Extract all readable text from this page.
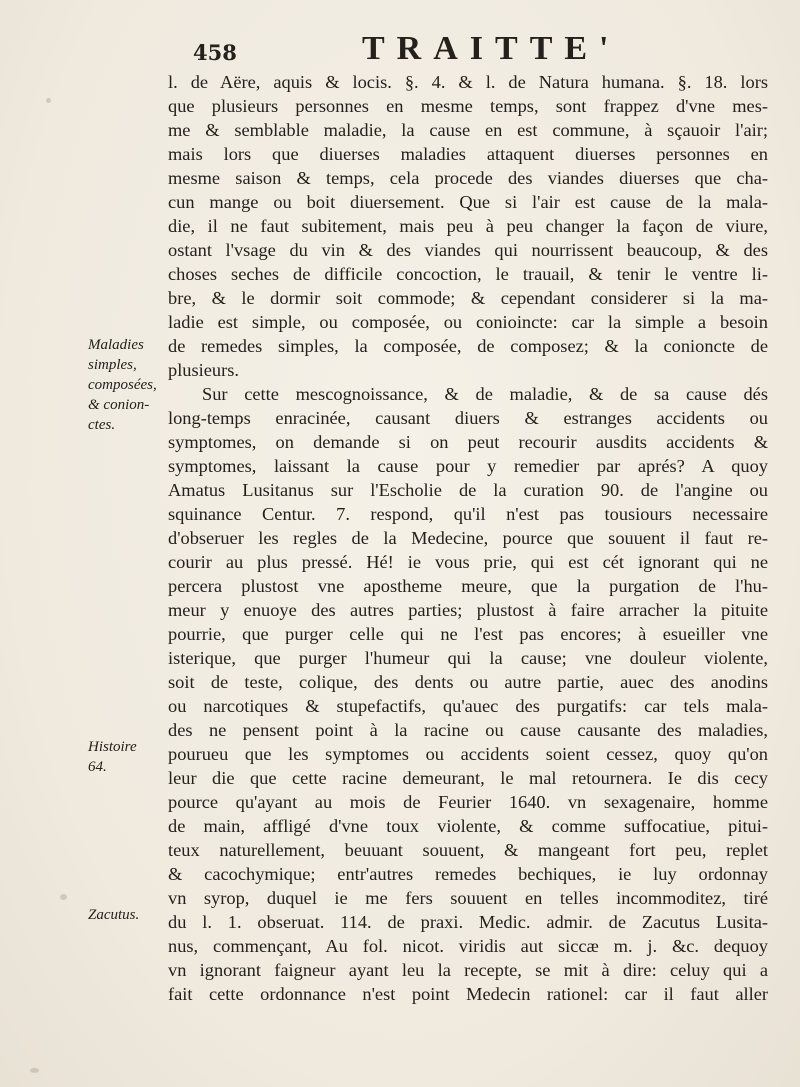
458	TRAITTE'
l. de Aëre, aquis & locis. §. 4. & l. de Natura humana. §. 18. lors
que plusieurs personnes en mesme temps, sont frappez d'vne mes-
me & semblable maladie, la cause en est commune, à sçauoir l'air;
mais lors que diuerses maladies attaquent diuerses personnes en
mesme saison & temps, cela procede des viandes diuerses que cha-
cun mange ou boit diuersement. Que si l'air est cause de la mala-
die, il ne faut subitement, mais peu à peu changer la façon de viure,
ostant l'vsage du vin & des viandes qui nourrissent beaucoup, & des
choses seches de difficile concoction, le trauail, & tenir le ventre li-
bre, & le dormir soit commode; & cependant considerer si la ma-
ladie est simple, ou composée, ou conioincte: car la simple a besoin
de remedes simples, la composée, de composez; & la conioncte de
plusieurs.
Sur cette mescognoissance, & de maladie, & de sa cause dés
long-temps enracinée, causant diuers & estranges accidents ou
symptomes, on demande si on peut recourir ausdits accidents &
symptomes, laissant la cause pour y remedier par aprés? A quoy
Amatus Lusitanus sur l'Escholie de la curation 90. de l'angine ou
squinance Centur. 7. respond, qu'il n'est pas tousiours necessaire
d'obseruer les regles de la Medecine, pource que souuent il faut re-
courir au plus pressé. Hé! ie vous prie, qui est cét ignorant qui ne
percera plustost vne apostheme meure, que la purgation de l'hu-
meur y enuoye des autres parties; plustost à faire arracher la pituite
pourrie, que purger celle qui ne l'est pas encores; à esueiller vne
isterique, que purger l'humeur qui la cause; vne douleur violente,
soit de teste, colique, des dents ou autre partie, auec des anodins
ou narcotiques & stupefactifs, qu'auec des purgatifs: car tels mala-
des ne pensent point à la racine ou cause causante des maladies,
pourueu que les symptomes ou accidents soient cessez, quoy qu'on
leur die que cette racine demeurant, le mal retournera. Ie dis cecy
pource qu'ayant au mois de Feurier 1640. vn sexagenaire, homme
de main, affligé d'vne toux violente, & comme suffocatiue, pitui-
teux naturellement, beuuant souuent, & mangeant fort peu, replet
& cacochymique; entr'autres remedes bechiques, ie luy ordonnay
vn syrop, duquel ie me fers souuent en telles incommoditez, tiré
du l. 1. obseruat. 114. de praxi. Medic. admir. de Zacutus Lusita-
nus, commençant, Au fol. nicot. viridis aut siccæ m. j. &c. dequoy
vn ignorant faigneur ayant leu la recepte, se mit à dire: celuy qui a
fait cette ordonnance n'est point Medecin rationel: car il faut aller
Maladies
simples,
composées,
& conion-
ctes.
Histoire
64.
Zacutus.
